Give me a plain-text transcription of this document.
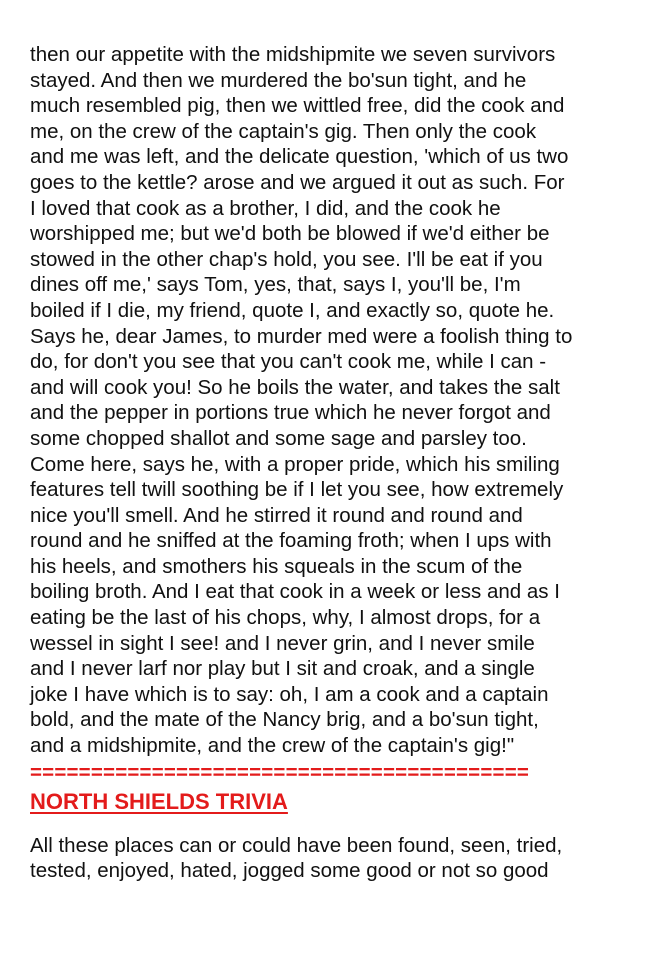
then our appetite with the midshipmite we seven survivors
stayed. And then we murdered the bo'sun tight, and he
much resembled pig, then we wittled free, did the cook and
me, on the crew of the captain's gig. Then only the cook
and me was left, and the delicate question, 'which of us two
goes to the kettle? arose and we argued it out as such. For
I loved that cook as a brother, I did, and the cook he
worshipped me; but we'd both be blowed if we'd either be
stowed in the other chap's hold, you see. I'll be eat if you
dines off me,' says Tom, yes, that, says I, you'll be, I'm
boiled if I die, my friend, quote I, and exactly so, quote he.
Says he, dear James, to murder med were a foolish thing to
do, for don't you see that you can't cook me, while I can -
and will cook you! So he boils the water, and takes the salt
and the pepper in portions true which he never forgot and
some chopped shallot and some sage and parsley too.
Come here, says he, with a proper pride, which his smiling
features tell twill soothing be if I let you see, how extremely
nice you'll smell. And he stirred it round and round and
round and he sniffed at the foaming froth; when I ups with
his heels, and smothers his squeals in the scum of the
boiling broth. And I eat that cook in a week or less and as I
eating be the last of his chops, why, I almost drops, for a
wessel in sight I see! and I never grin, and I never smile
and I never larf nor play but I sit and croak, and a single
joke I have which is to say: oh, I am a cook and a captain
bold, and the mate of the Nancy brig, and a bo'sun tight,
and a midshipmite, and the crew of the captain's gig!"
=========================================
NORTH SHIELDS TRIVIA
All these places can or could have been found, seen, tried,
tested, enjoyed, hated, jogged some good or not so good
